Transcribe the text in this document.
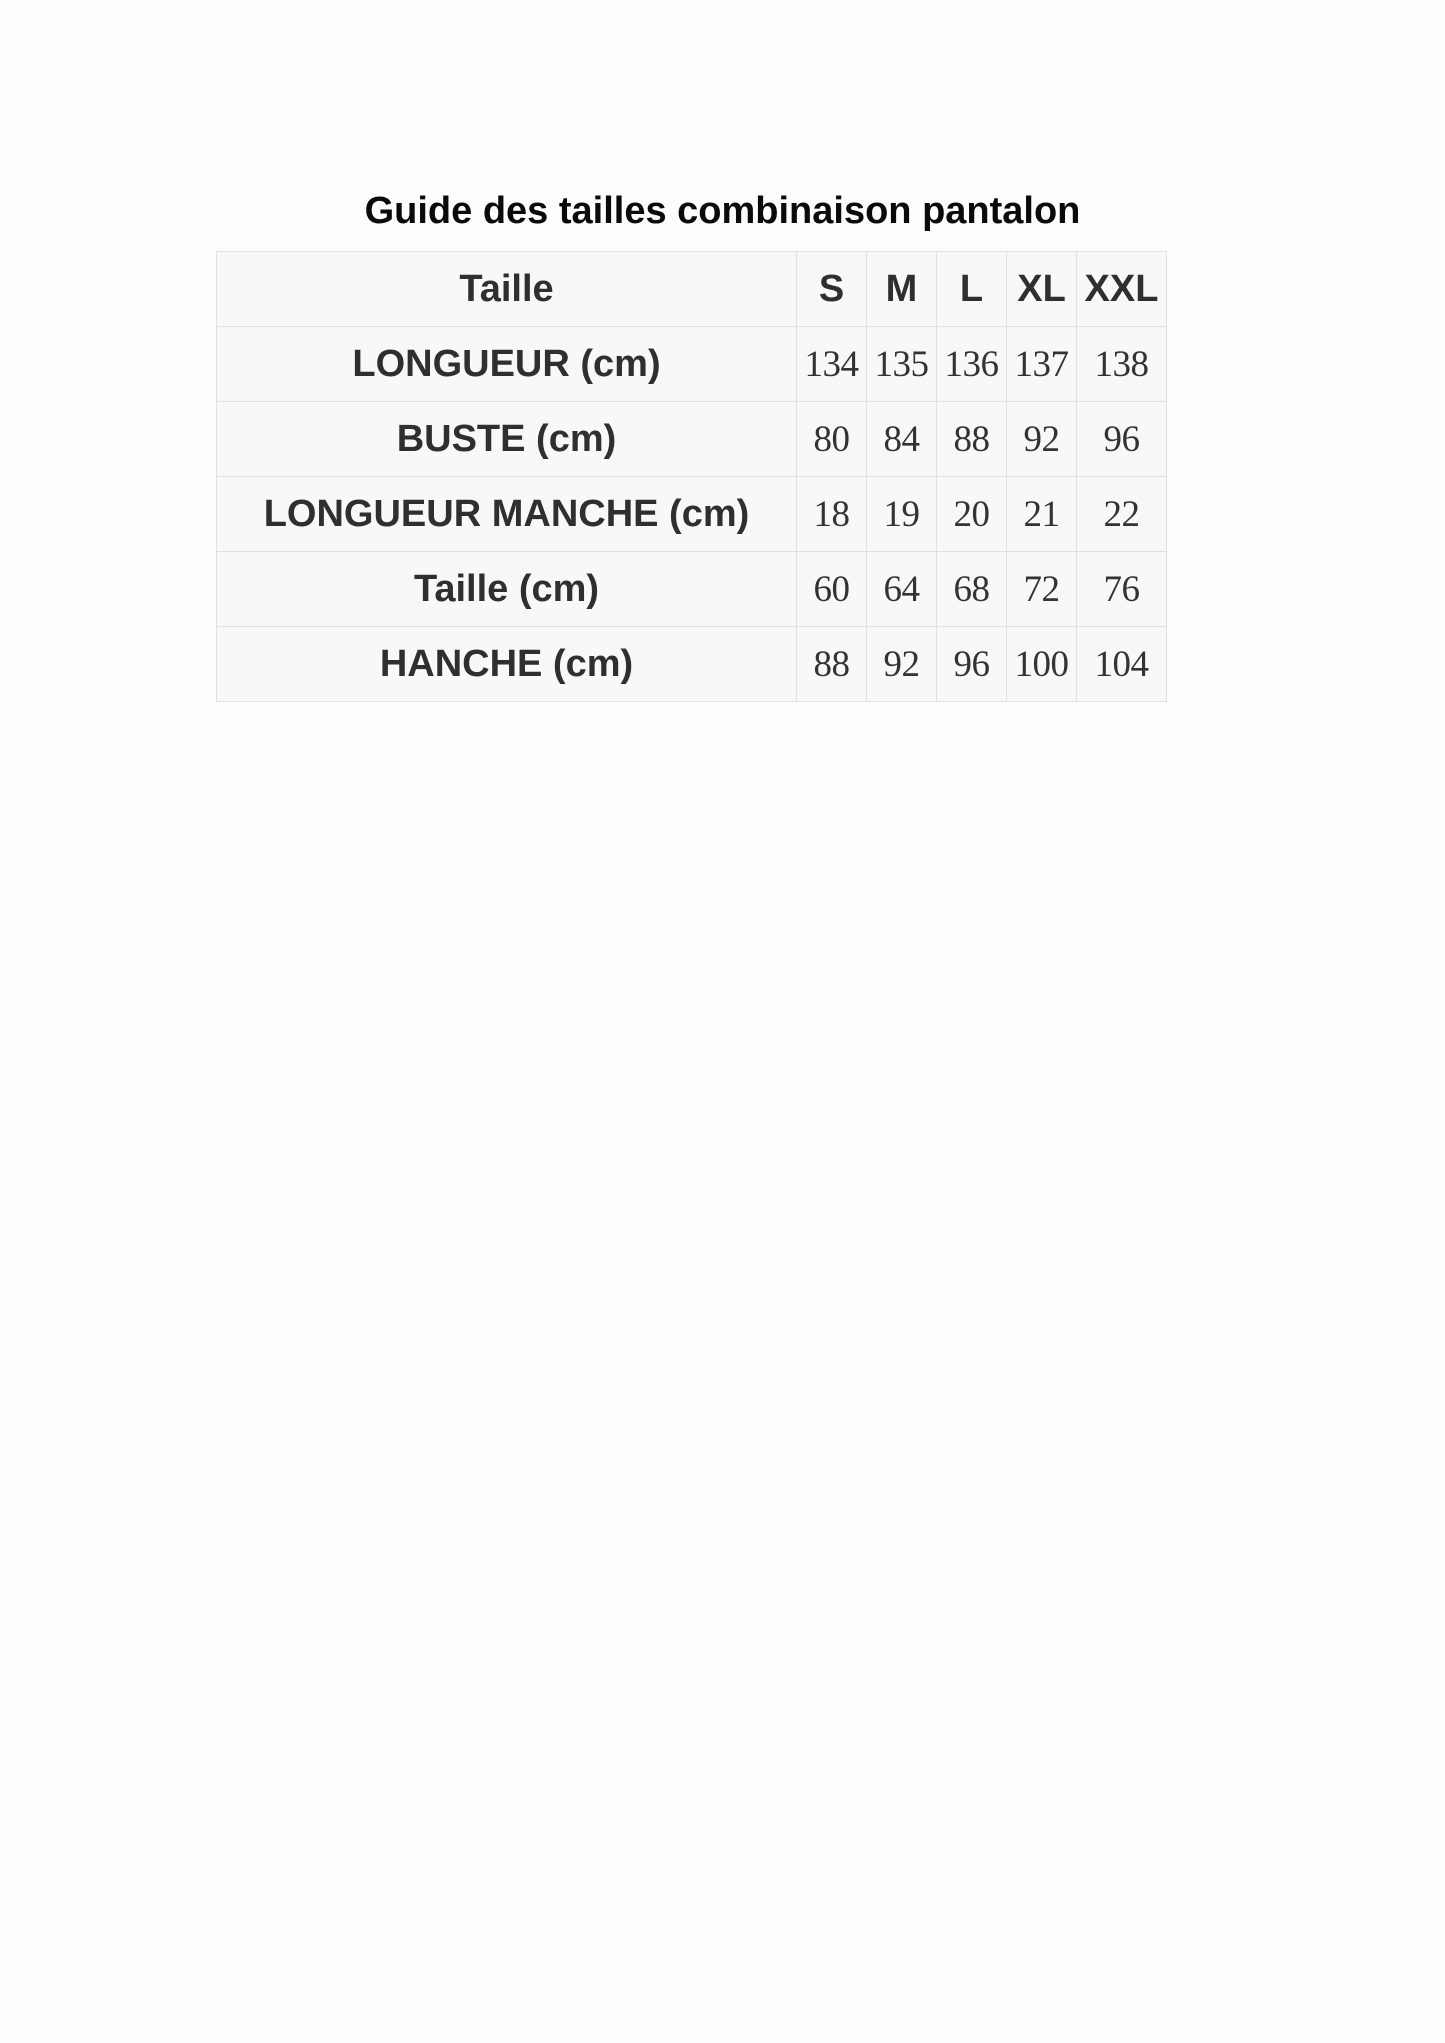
Guide des tailles combinaison pantalon
Taille	S	M	L	XL	XXL
LONGUEUR (cm)	134	135	136	137	138
BUSTE (cm)	80	84	88	92	96
LONGUEUR MANCHE (cm)	18	19	20	21	22
Taille (cm)	60	64	68	72	76
HANCHE (cm)	88	92	96	100	104
